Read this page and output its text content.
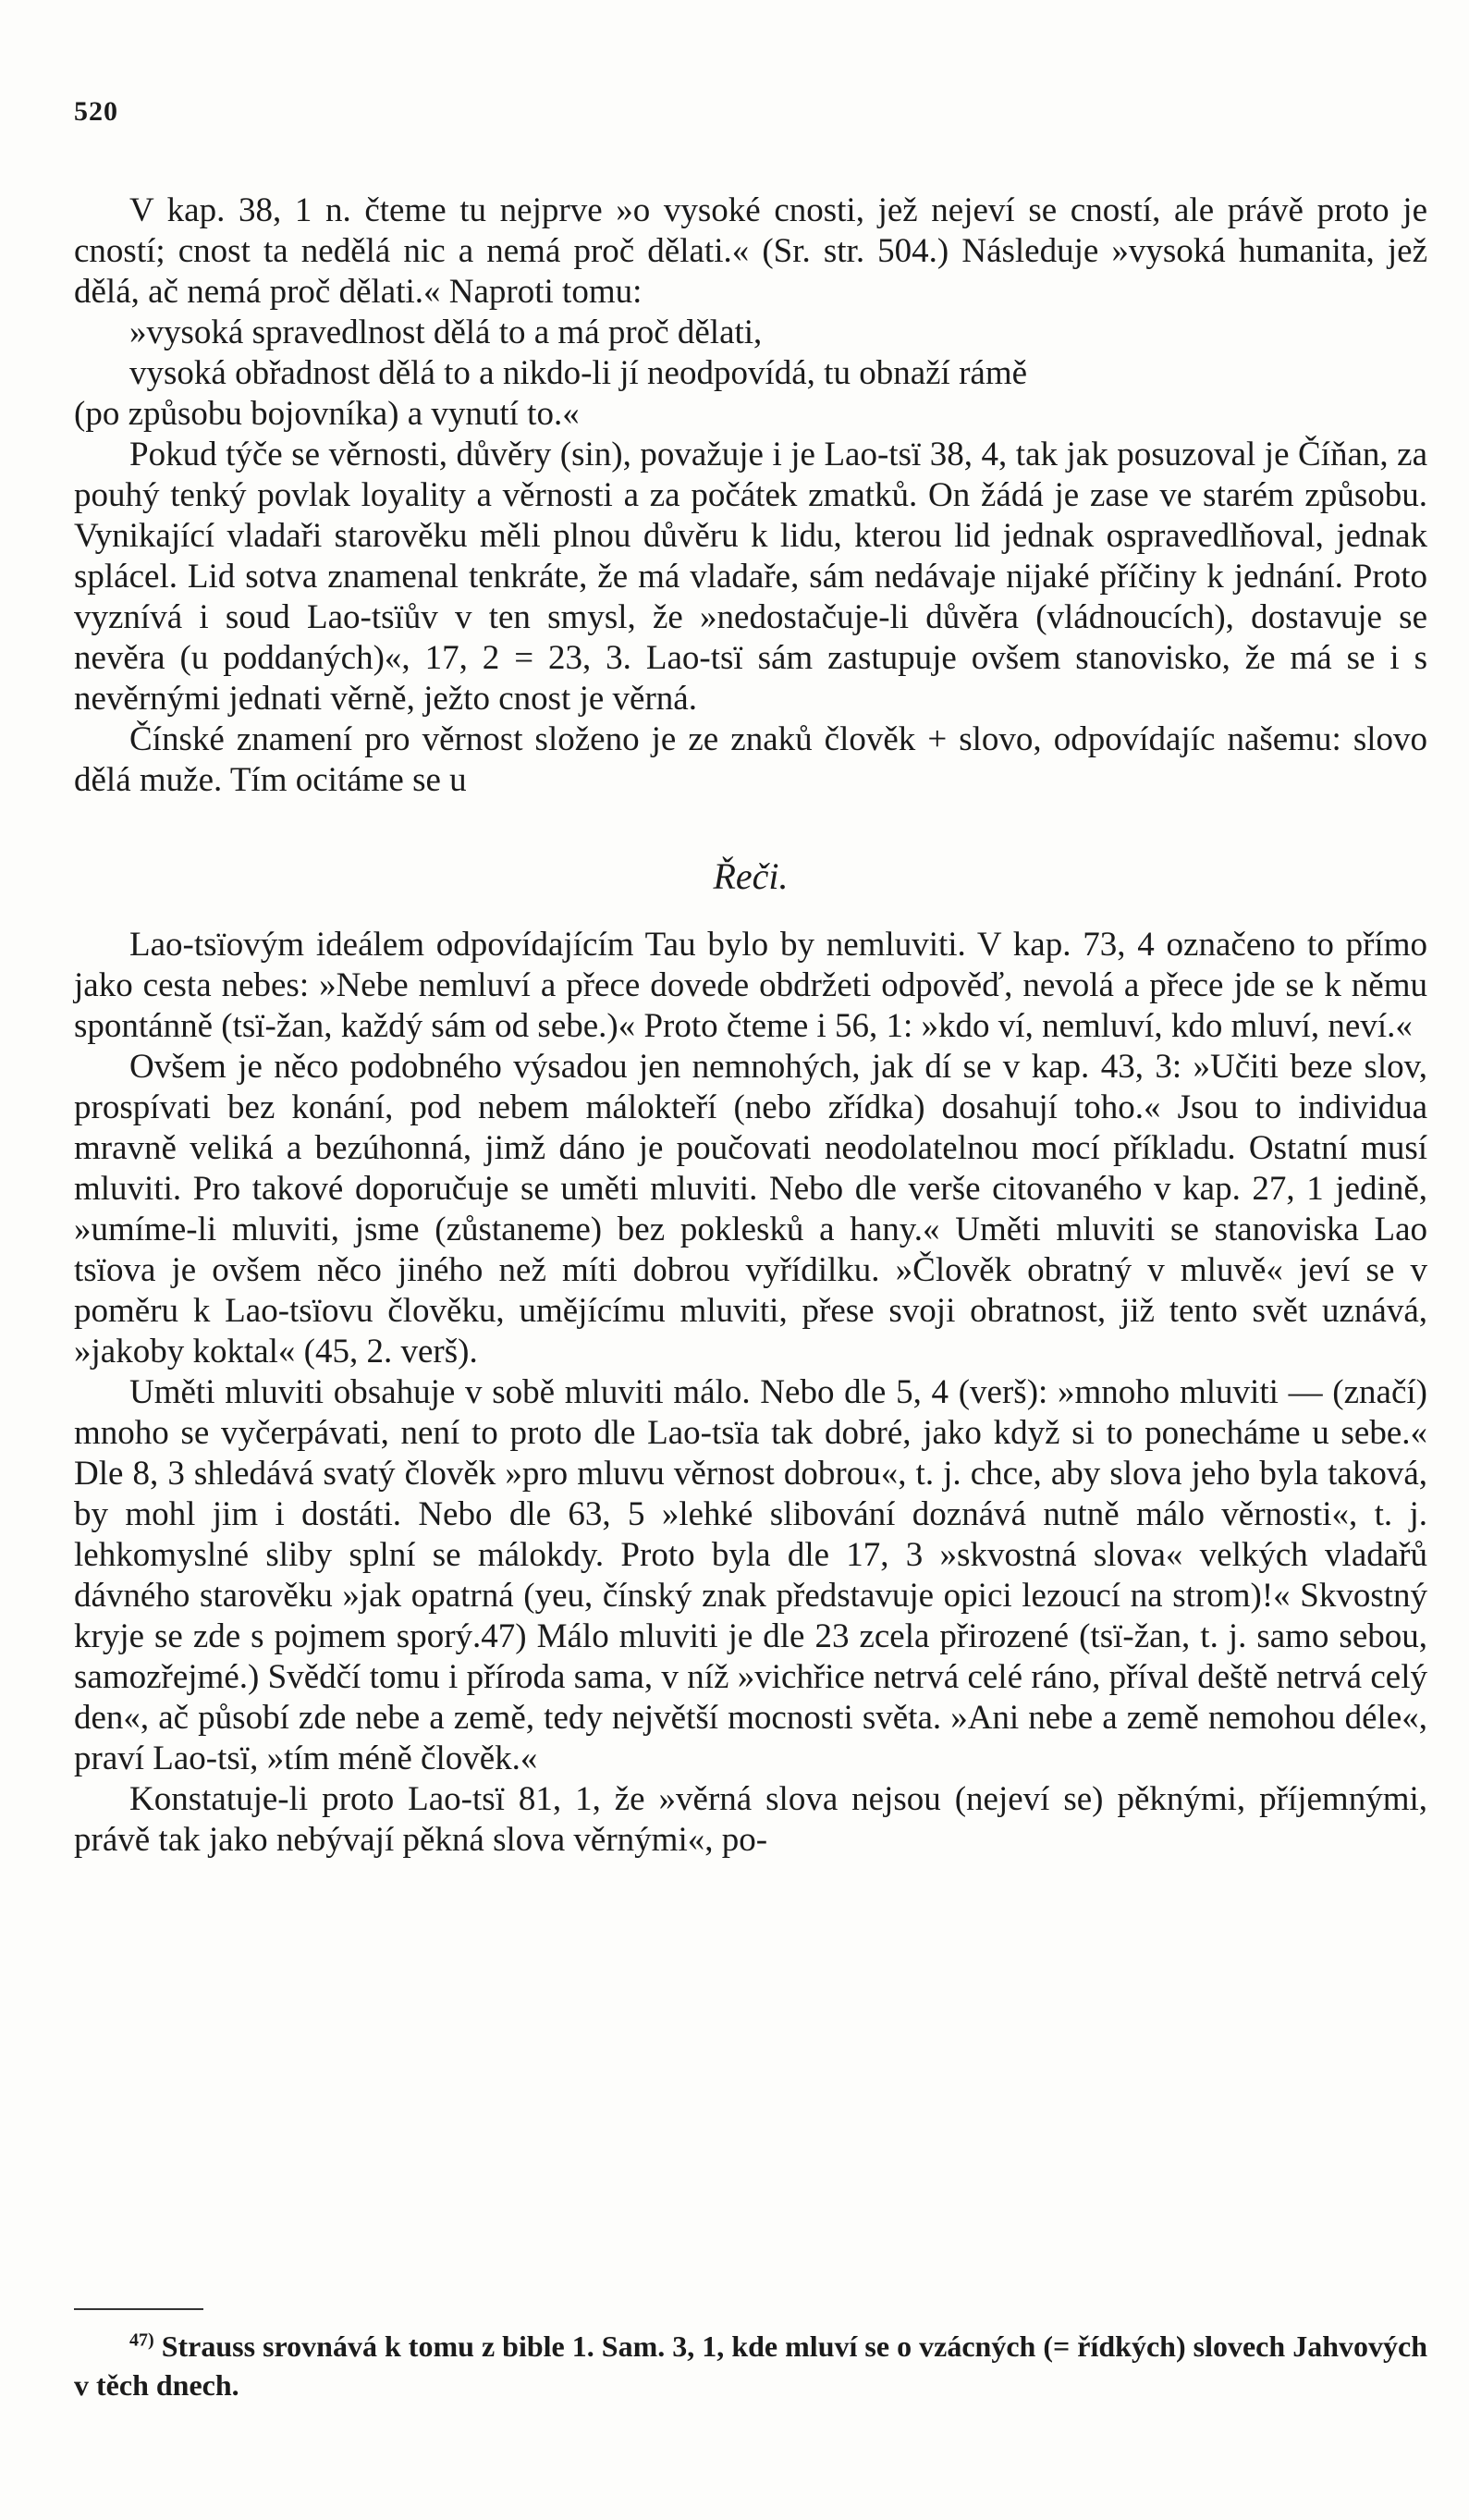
520

V kap. 38, 1 n. čteme tu nejprve »o vysoké cnosti, jež nejeví se cností, ale právě proto je cností; cnost ta nedělá nic a nemá proč dělati.« (Sr. str. 504.) Následuje »vysoká humanita, jež dělá, ač nemá proč dělati.« Naproti tomu:

»vysoká spravedlnost dělá to a má proč dělati,

vysoká obřadnost dělá to a nikdo-li jí neodpovídá, tu obnaží rámě

(po způsobu bojovníka) a vynutí to.«

Pokud týče se věrnosti, důvěry (sin), považuje i je Lao-tsï 38, 4, tak jak posuzoval je Číňan, za pouhý tenký povlak loyality a věrnosti a za počátek zmatků. On žádá je zase ve starém způsobu. Vynikající vladaři starověku měli plnou důvěru k lidu, kterou lid jednak ospravedlňoval, jednak splácel. Lid sotva znamenal tenkráte, že má vladaře, sám nedávaje nijaké příčiny k jednání. Proto vyznívá i soud Lao-tsïův v ten smysl, že »nedostačuje-li důvěra (vládnoucích), dostavuje se nevěra (u poddaných)«, 17, 2 = 23, 3. Lao-tsï sám zastupuje ovšem stanovisko, že má se i s nevěrnými jednati věrně, ježto cnost je věrná.

Čínské znamení pro věrnost složeno je ze znaků člověk + slovo, odpovídajíc našemu: slovo dělá muže. Tím ocitáme se u

Řeči.

Lao-tsïovým ideálem odpovídajícím Tau bylo by nemluviti. V kap. 73, 4 označeno to přímo jako cesta nebes: »Nebe nemluví a přece dovede obdržeti odpověď, nevolá a přece jde se k němu spontánně (tsï-žan, každý sám od sebe.)« Proto čteme i 56, 1: »kdo ví, nemluví, kdo mluví, neví.«

Ovšem je něco podobného výsadou jen nemnohých, jak dí se v kap. 43, 3: »Učiti beze slov, prospívati bez konání, pod nebem málokteří (nebo zřídka) dosahují toho.« Jsou to individua mravně veliká a bezúhonná, jimž dáno je poučovati neodolatelnou mocí příkladu. Ostatní musí mluviti. Pro takové doporučuje se uměti mluviti. Nebo dle verše citovaného v kap. 27, 1 jedině, »umíme-li mluviti, jsme (zůstaneme) bez poklesků a hany.« Uměti mluviti se stanoviska Lao tsïova je ovšem něco jiného než míti dobrou vyřídilku. »Člověk obratný v mluvě« jeví se v poměru k Lao-tsïovu člověku, umějícímu mluviti, přese svoji obratnost, již tento svět uznává, »jakoby koktal« (45, 2. verš).

Uměti mluviti obsahuje v sobě mluviti málo. Nebo dle 5, 4 (verš): »mnoho mluviti — (značí) mnoho se vyčerpávati, není to proto dle Lao-tsïa tak dobré, jako když si to ponecháme u sebe.« Dle 8, 3 shledává svatý člověk »pro mluvu věrnost dobrou«, t. j. chce, aby slova jeho byla taková, by mohl jim i dostáti. Nebo dle 63, 5 »lehké slibování doznává nutně málo věrnosti«, t. j. lehkomyslné sliby splní se málokdy. Proto byla dle 17, 3 »skvostná slova« velkých vladařů dávného starověku »jak opatrná (yeu, čínský znak představuje opici lezoucí na strom)!« Skvostný kryje se zde s pojmem sporý.47) Málo mluviti je dle 23 zcela přirozené (tsï-žan, t. j. samo sebou, samozřejmé.) Svědčí tomu i příroda sama, v níž »vichřice netrvá celé ráno, příval deště netrvá celý den«, ač působí zde nebe a země, tedy největší mocnosti světa. »Ani nebe a země nemohou déle«, praví Lao-tsï, »tím méně člověk.«

Konstatuje-li proto Lao-tsï 81, 1, že »věrná slova nejsou (nejeví se) pěknými, příjemnými, právě tak jako nebývají pěkná slova věrnými«, po-

$^{47)}$ Strauss srovnává k tomu z bible 1. Sam. 3, 1, kde mluví se o vzácných (= řídkých) slovech Jahvových v těch dnech.
